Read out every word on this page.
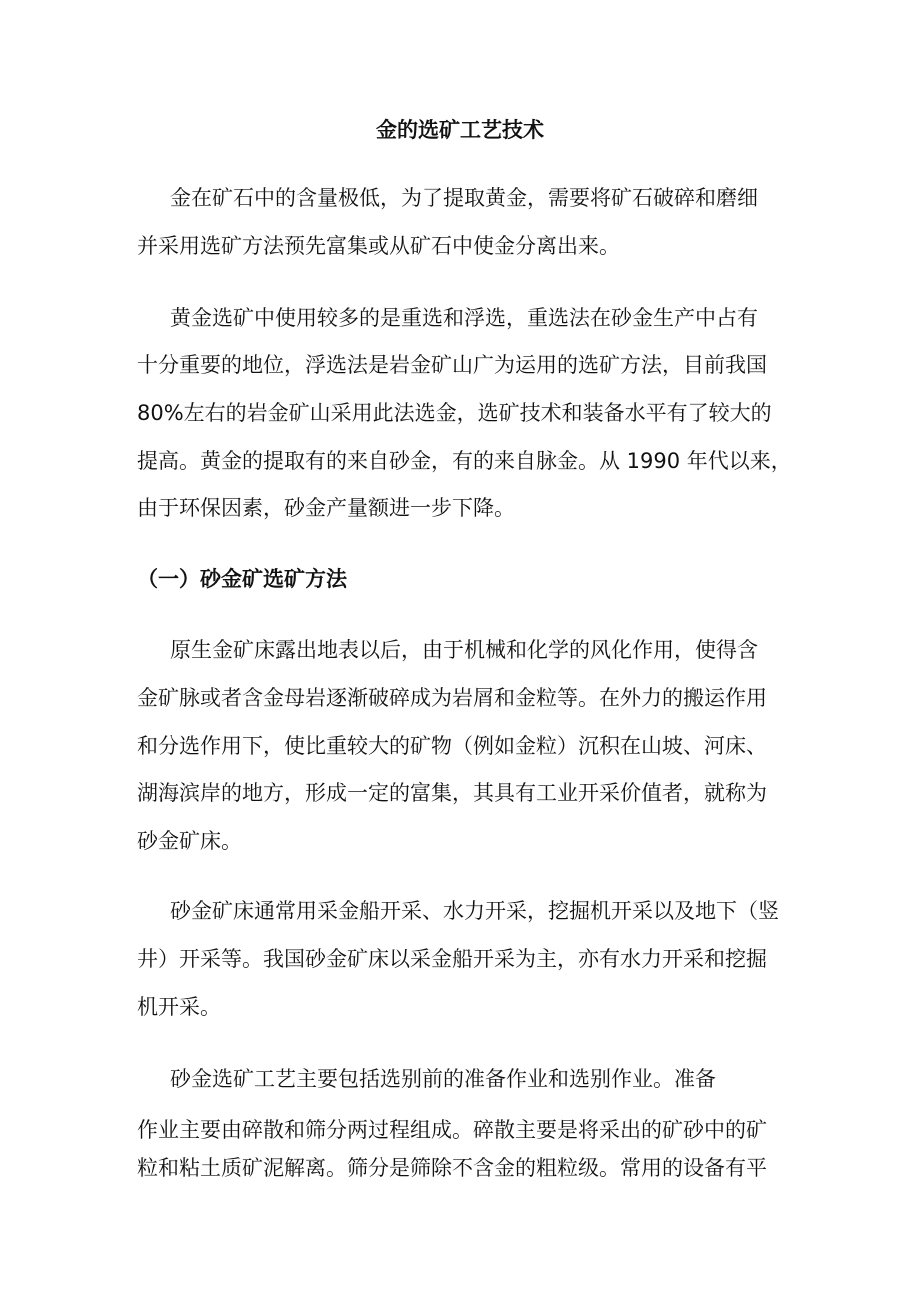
金的选矿工艺技术
金在矿石中的含量极低，为了提取黄金，需要将矿石破碎和磨细
并采用选矿方法预先富集或从矿石中使金分离出来。
黄金选矿中使用较多的是重选和浮选，重选法在砂金生产中占有
十分重要的地位，浮选法是岩金矿山广为运用的选矿方法，目前我国
80%左右的岩金矿山采用此法选金，选矿技术和装备水平有了较大的
提高。黄金的提取有的来自砂金，有的来自脉金。从 1990 年代以来，
由于环保因素，砂金产量额进一步下降。
（一）砂金矿选矿方法
原生金矿床露出地表以后，由于机械和化学的风化作用，使得含
金矿脉或者含金母岩逐渐破碎成为岩屑和金粒等。在外力的搬运作用
和分选作用下，使比重较大的矿物（例如金粒）沉积在山坡、河床、
湖海滨岸的地方，形成一定的富集，其具有工业开采价值者，就称为
砂金矿床。
砂金矿床通常用采金船开采、水力开采，挖掘机开采以及地下（竖
井）开采等。我国砂金矿床以采金船开采为主，亦有水力开采和挖掘
机开采。
砂金选矿工艺主要包括选别前的准备作业和选别作业。准备
作业主要由碎散和筛分两过程组成。碎散主要是将采出的矿砂中的矿
粒和粘土质矿泥解离。筛分是筛除不含金的粗粒级。常用的设备有平
